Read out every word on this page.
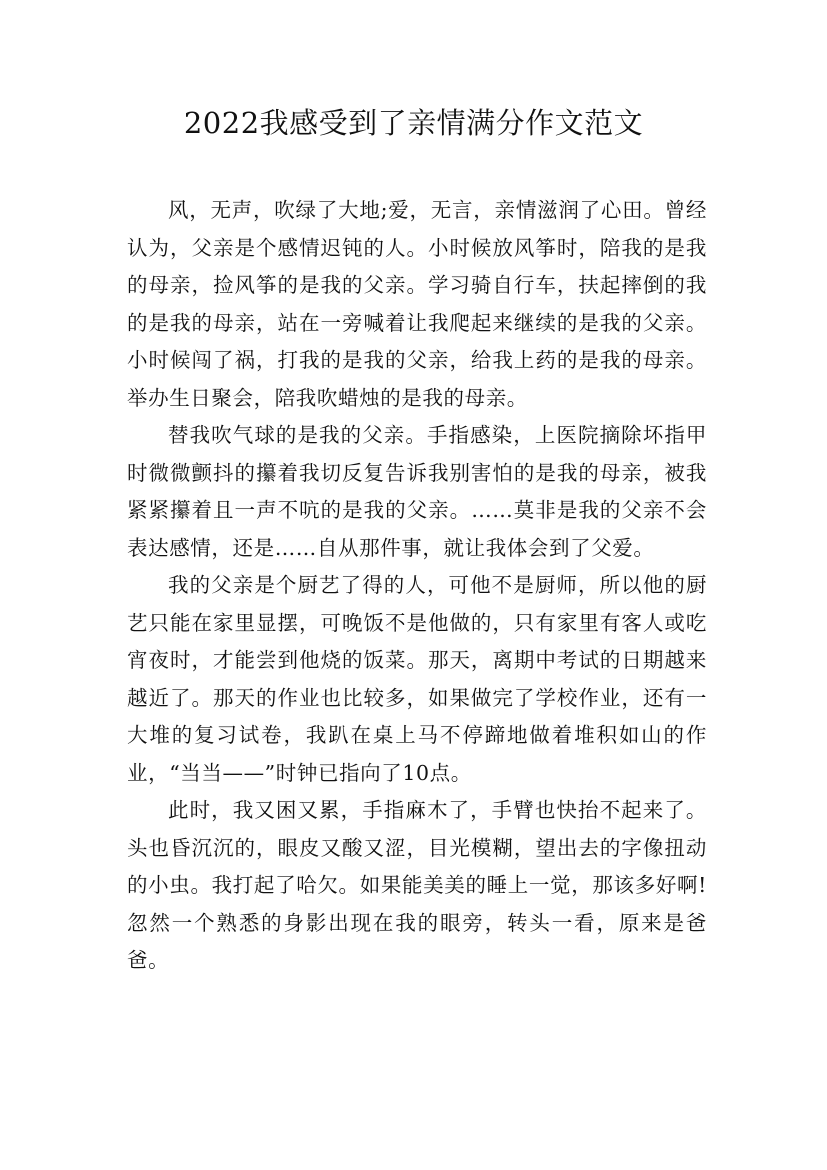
2022我感受到了亲情满分作文范文

风，无声，吹绿了大地;爱，无言，亲情滋润了心田。曾经认为，父亲是个感情迟钝的人。小时候放风筝时，陪我的是我的母亲，捡风筝的是我的父亲。学习骑自行车，扶起摔倒的我的是我的母亲，站在一旁喊着让我爬起来继续的是我的父亲。小时候闯了祸，打我的是我的父亲，给我上药的是我的母亲。举办生日聚会，陪我吹蜡烛的是我的母亲。

替我吹气球的是我的父亲。手指感染，上医院摘除坏指甲时微微颤抖的攥着我切反复告诉我别害怕的是我的母亲，被我紧紧攥着且一声不吭的是我的父亲。……莫非是我的父亲不会表达感情，还是……自从那件事，就让我体会到了父爱。

我的父亲是个厨艺了得的人，可他不是厨师，所以他的厨艺只能在家里显摆，可晚饭不是他做的，只有家里有客人或吃宵夜时，才能尝到他烧的饭菜。那天，离期中考试的日期越来越近了。那天的作业也比较多，如果做完了学校作业，还有一大堆的复习试卷，我趴在桌上马不停蹄地做着堆积如山的作业，“当当——”时钟已指向了10点。

此时，我又困又累，手指麻木了，手臂也快抬不起来了。头也昏沉沉的，眼皮又酸又涩，目光模糊，望出去的字像扭动的小虫。我打起了哈欠。如果能美美的睡上一觉，那该多好啊!忽然一个熟悉的身影出现在我的眼旁，转头一看，原来是爸爸。
